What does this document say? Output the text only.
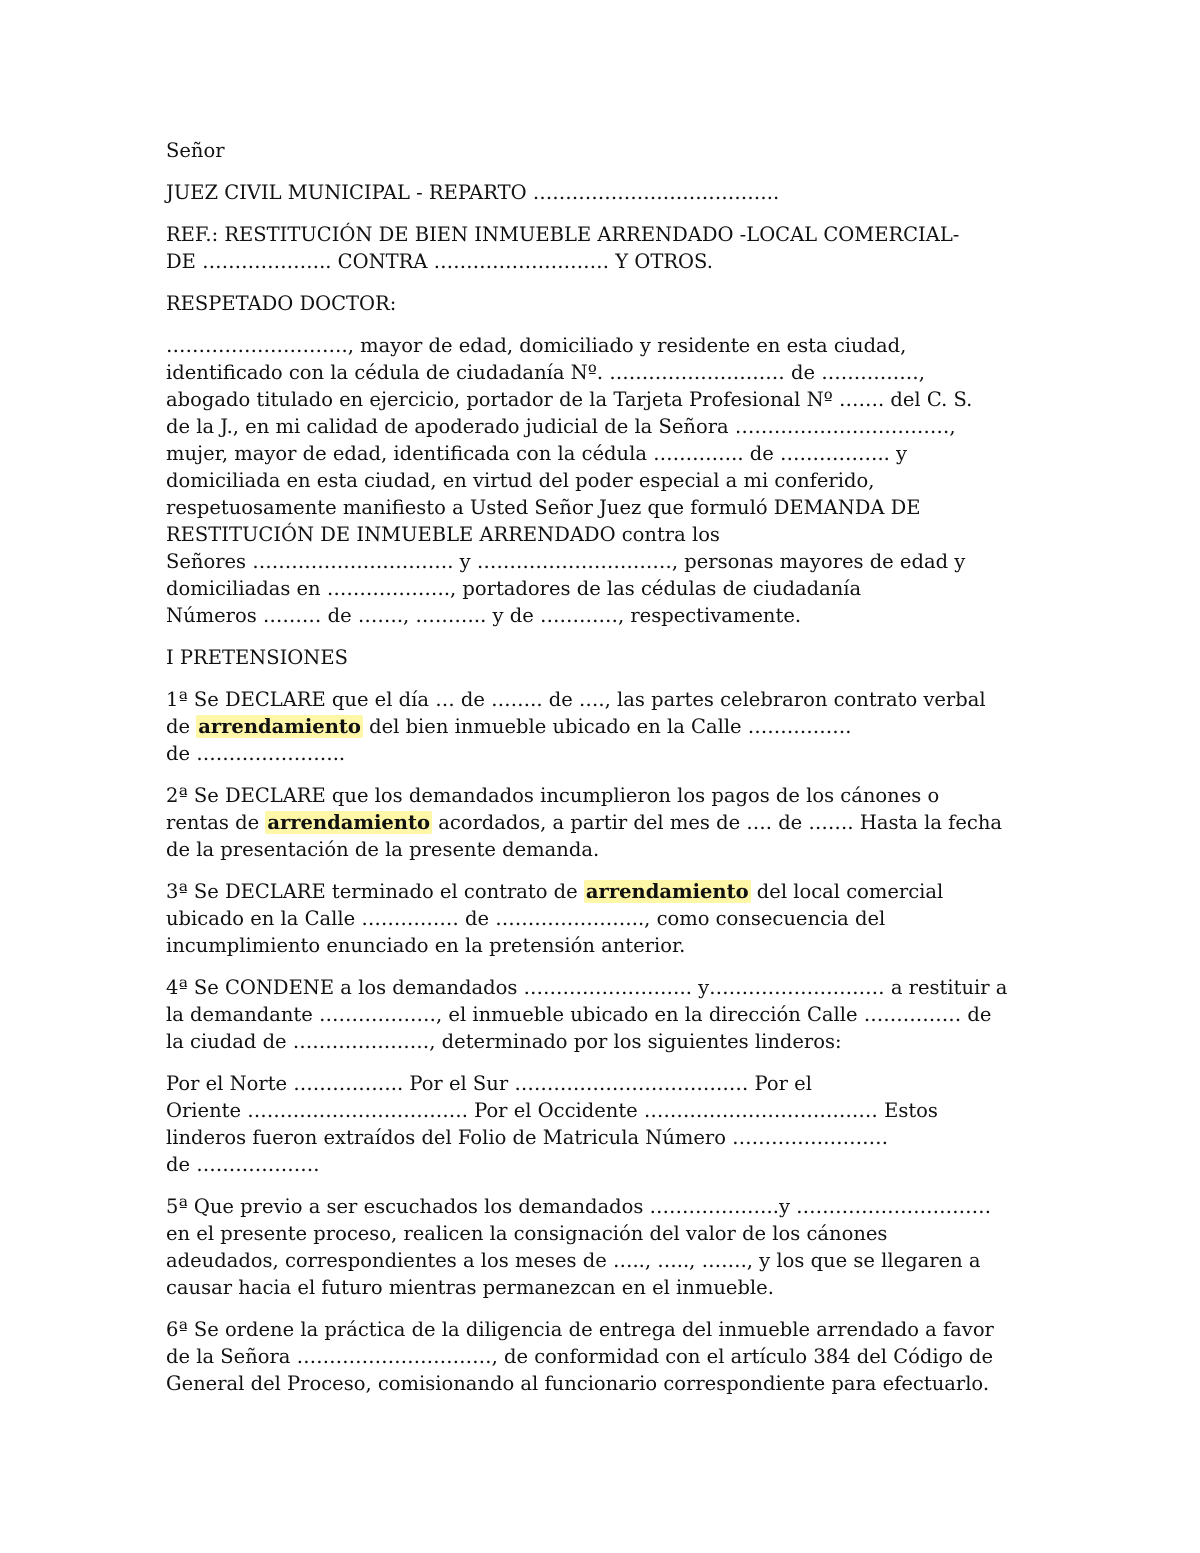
Señor
JUEZ CIVIL MUNICIPAL - REPARTO ………………………………..
REF.: RESTITUCIÓN DE BIEN INMUEBLE ARRENDADO -LOCAL COMERCIAL-
DE ……………….. CONTRA ……………………… Y OTROS.
RESPETADO DOCTOR:
………………………., mayor de edad, domiciliado y residente en esta ciudad,
identificado con la cédula de ciudadanía Nº. ……………………… de ……………,
abogado titulado en ejercicio, portador de la Tarjeta Profesional Nº ……. del C. S.
de la J., en mi calidad de apoderado judicial de la Señora ……………………………,
mujer, mayor de edad, identificada con la cédula ………….. de …………….. y
domiciliada en esta ciudad, en virtud del poder especial a mi conferido,
respetuosamente manifiesto a Usted Señor Juez que formuló DEMANDA DE
RESTITUCIÓN DE INMUEBLE ARRENDADO contra los
Señores …………………………. y …………………………, personas mayores de edad y
domiciliadas en ………………., portadores de las cédulas de ciudadanía
Números ……… de ……., ……….. y de …………, respectivamente.
I PRETENSIONES
1ª Se DECLARE que el día … de …….. de …., las partes celebraron contrato verbal
de arrendamiento del bien inmueble ubicado en la Calle …………….
de …………………..
2ª Se DECLARE que los demandados incumplieron los pagos de los cánones o
rentas de arrendamiento acordados, a partir del mes de …. de ……. Hasta la fecha
de la presentación de la presente demanda.
3ª Se DECLARE terminado el contrato de arrendamiento del local comercial
ubicado en la Calle …………… de ………………….., como consecuencia del
incumplimiento enunciado en la pretensión anterior.
4ª Se CONDENE a los demandados …………………….. y……………………… a restituir a
la demandante ………………, el inmueble ubicado en la dirección Calle …………… de
la ciudad de …………………, determinado por los siguientes linderos:
Por el Norte …………….. Por el Sur ……………………………… Por el
Oriente ……………………………. Por el Occidente ……………………………… Estos
linderos fueron extraídos del Folio de Matricula Número ……………………
de ……………….
5ª Que previo a ser escuchados los demandados ………………..y …………………………
en el presente proceso, realicen la consignación del valor de los cánones
adeudados, correspondientes a los meses de ….., ….., ……., y los que se llegaren a
causar hacia el futuro mientras permanezcan en el inmueble.
6ª Se ordene la práctica de la diligencia de entrega del inmueble arrendado a favor
de la Señora …………………………, de conformidad con el artículo 384 del Código de
General del Proceso, comisionando al funcionario correspondiente para efectuarlo.
